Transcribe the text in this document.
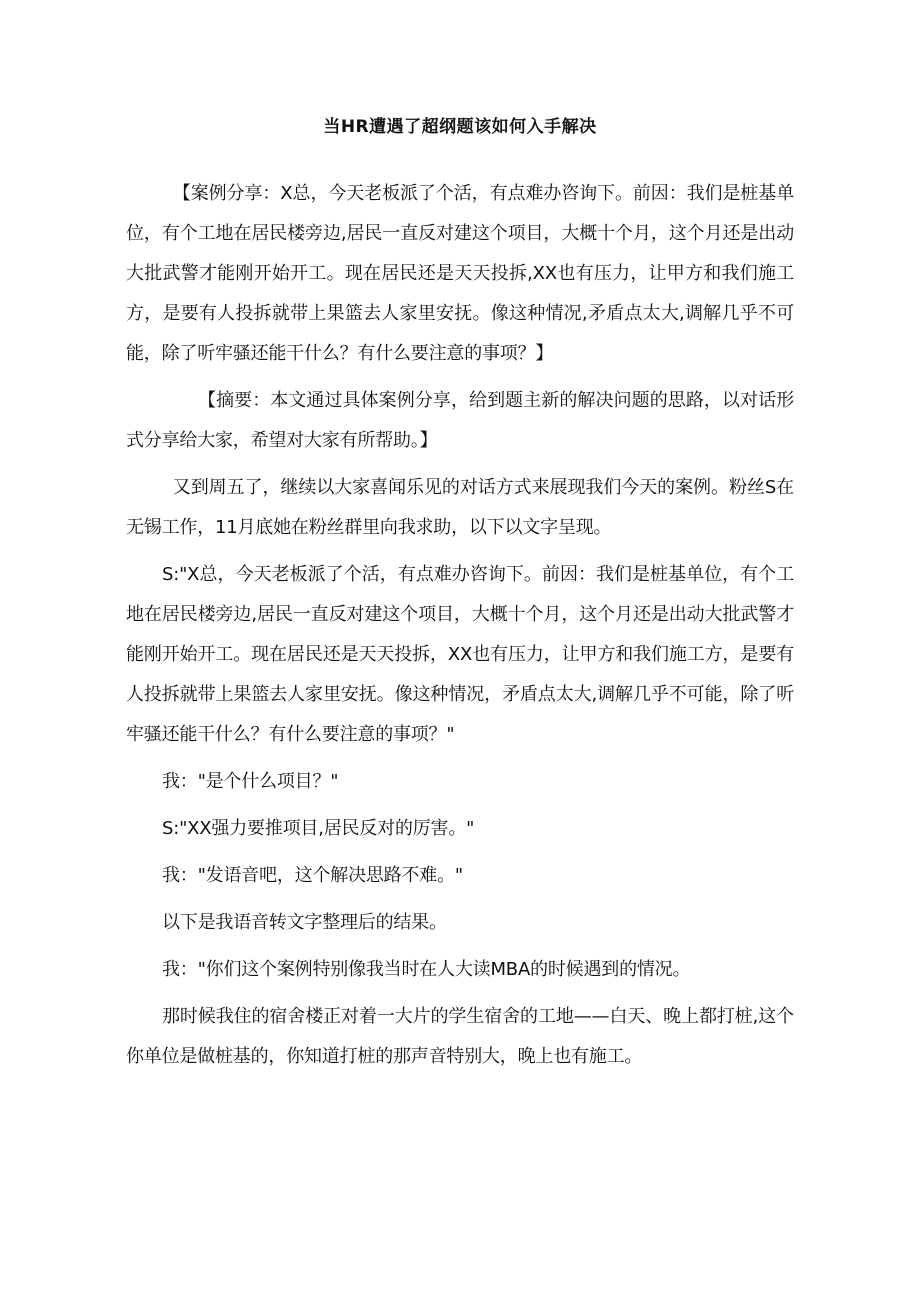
当HR遭遇了超纲题该如何入手解决

【案例分享：X总，今天老板派了个活，有点难办咨询下。前因：我们是桩基单位，有个工地在居民楼旁边,居民一直反对建这个项目，大概十个月，这个月还是出动大批武警才能刚开始开工。现在居民还是天天投拆,XX也有压力，让甲方和我们施工方，是要有人投拆就带上果篮去人家里安抚。像这种情况,矛盾点太大,调解几乎不可能，除了听牢骚还能干什么？有什么要注意的事项？】

【摘要：本文通过具体案例分享，给到题主新的解决问题的思路，以对话形式分享给大家，希望对大家有所帮助。】

又到周五了，继续以大家喜闻乐见的对话方式来展现我们今天的案例。粉丝S在无锡工作，11月底她在粉丝群里向我求助，以下以文字呈现。

S:"X总，今天老板派了个活，有点难办咨询下。前因：我们是桩基单位，有个工地在居民楼旁边,居民一直反对建这个项目，大概十个月，这个月还是出动大批武警才能刚开始开工。现在居民还是天天投拆，XX也有压力，让甲方和我们施工方，是要有人投拆就带上果篮去人家里安抚。像这种情况，矛盾点太大,调解几乎不可能，除了听牢骚还能干什么？有什么要注意的事项？"

我："是个什么项目？"

S:"XX强力要推项目,居民反对的厉害。"

我："发语音吧，这个解决思路不难。"

以下是我语音转文字整理后的结果。

我："你们这个案例特别像我当时在人大读MBA的时候遇到的情况。

那时候我住的宿舍楼正对着一大片的学生宿舍的工地——白天、晚上都打桩,这个你单位是做桩基的，你知道打桩的那声音特别大，晚上也有施工。
